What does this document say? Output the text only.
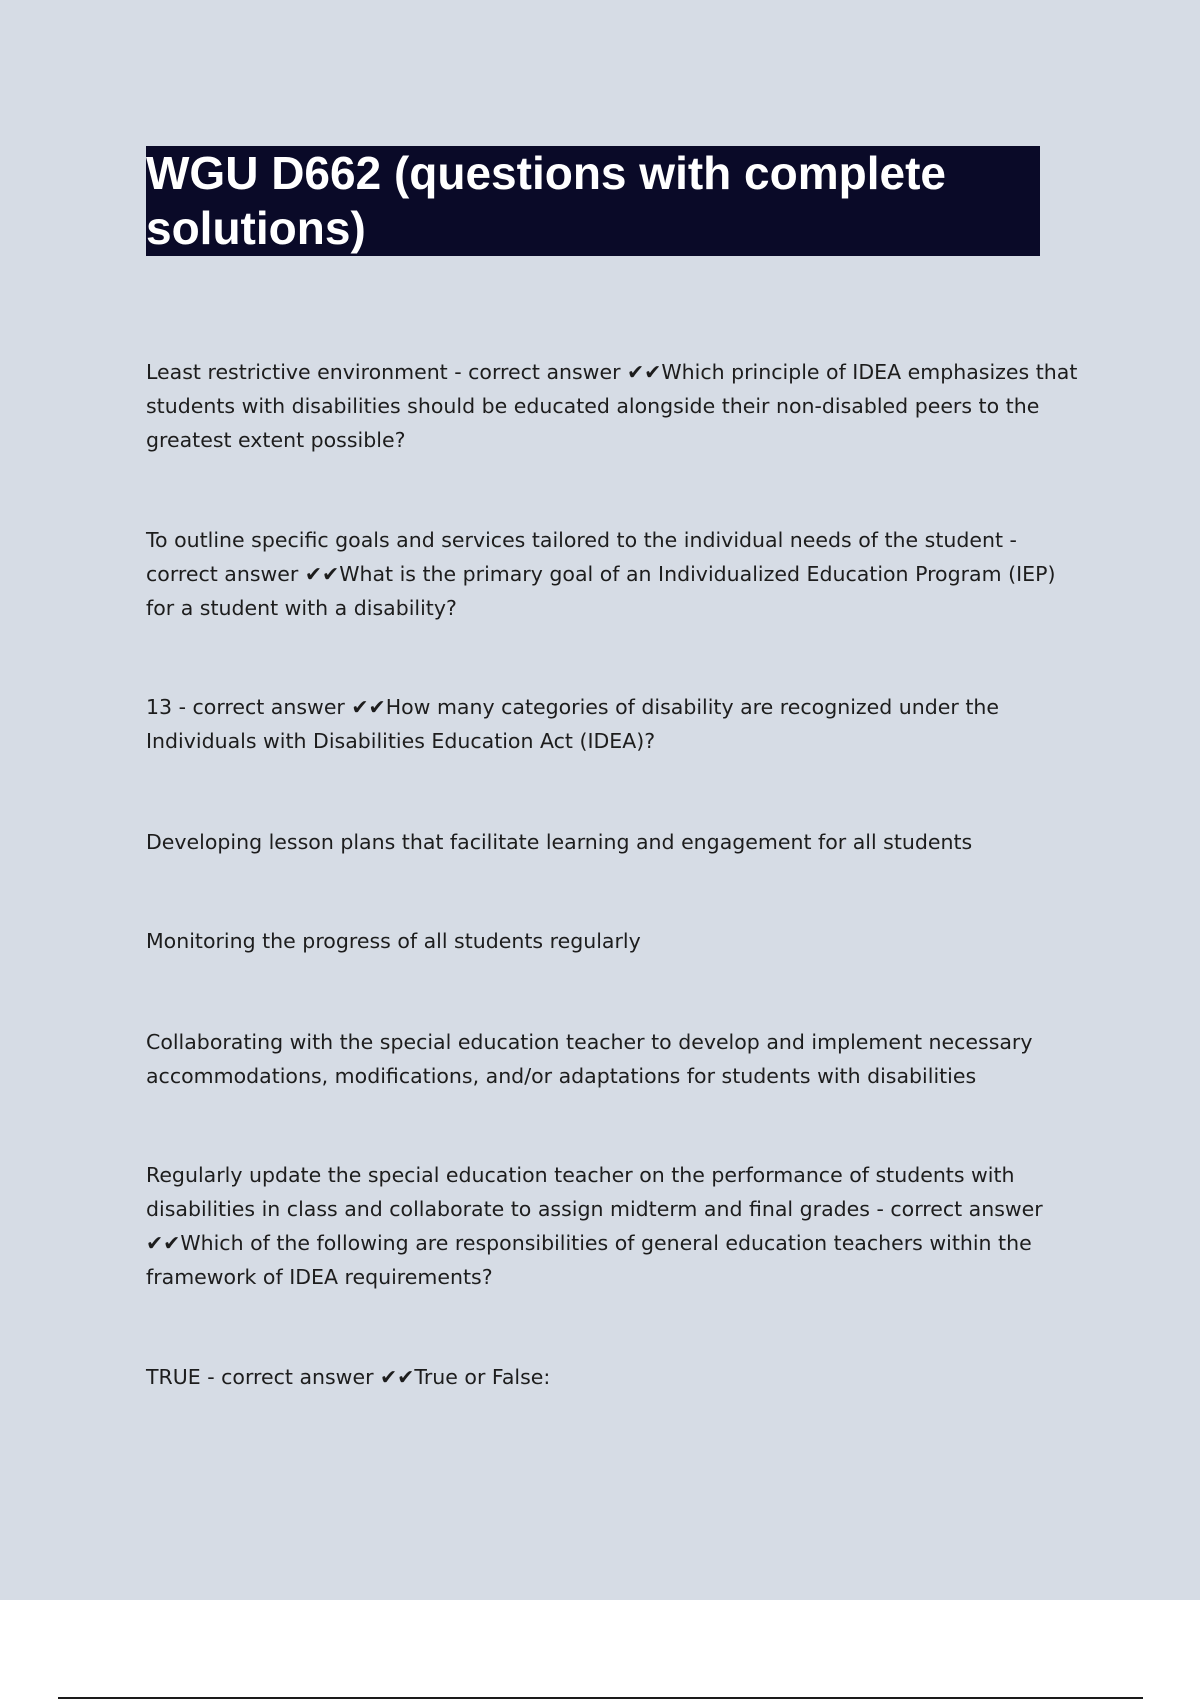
WGU D662 (questions with complete solutions)

Least restrictive environment - correct answer ✔✔Which principle of IDEA emphasizes that students with disabilities should be educated alongside their non-disabled peers to the greatest extent possible?

To outline specific goals and services tailored to the individual needs of the student - correct answer ✔✔What is the primary goal of an Individualized Education Program (IEP) for a student with a disability?

13 - correct answer ✔✔How many categories of disability are recognized under the Individuals with Disabilities Education Act (IDEA)?

Developing lesson plans that facilitate learning and engagement for all students

Monitoring the progress of all students regularly

Collaborating with the special education teacher to develop and implement necessary accommodations, modifications, and/or adaptations for students with disabilities

Regularly update the special education teacher on the performance of students with disabilities in class and collaborate to assign midterm and final grades - correct answer ✔✔Which of the following are responsibilities of general education teachers within the framework of IDEA requirements?

TRUE - correct answer ✔✔True or False:
